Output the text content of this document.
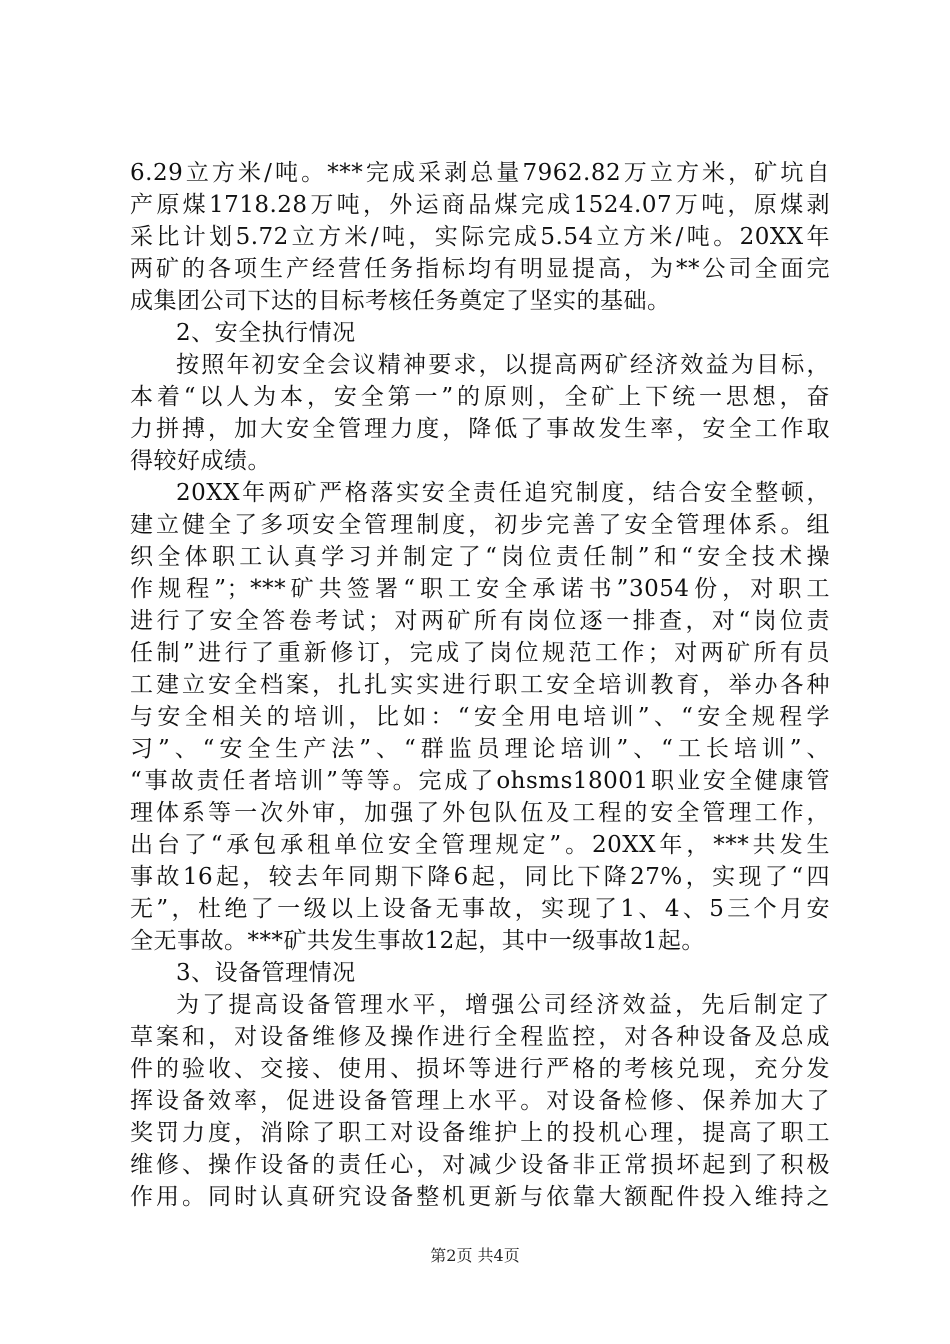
6.29立方米/吨。***完成采剥总量7962.82万立方米，矿坑自
产原煤1718.28万吨，外运商品煤完成1524.07万吨，原煤剥
采比计划5.72立方米/吨，实际完成5.54立方米/吨。20XX年
两矿的各项生产经营任务指标均有明显提高，为**公司全面完
成集团公司下达的目标考核任务奠定了坚实的基础。
2、安全执行情况
按照年初安全会议精神要求，以提高两矿经济效益为目标，
本着“以人为本，安全第一”的原则，全矿上下统一思想，奋
力拼搏，加大安全管理力度，降低了事故发生率，安全工作取
得较好成绩。
20XX年两矿严格落实安全责任追究制度，结合安全整顿，
建立健全了多项安全管理制度，初步完善了安全管理体系。组
织全体职工认真学习并制定了“岗位责任制”和“安全技术操
作规程”；***矿共签署“职工安全承诺书”3054份，对职工
进行了安全答卷考试；对两矿所有岗位逐一排查，对“岗位责
任制”进行了重新修订，完成了岗位规范工作；对两矿所有员
工建立安全档案，扎扎实实进行职工安全培训教育，举办各种
与安全相关的培训，比如：“安全用电培训”、“安全规程学
习”、“安全生产法”、“群监员理论培训”、“工长培训”、
“事故责任者培训”等等。完成了ohsms18001职业安全健康管
理体系等一次外审，加强了外包队伍及工程的安全管理工作，
出台了“承包承租单位安全管理规定”。20XX年，***共发生
事故16起，较去年同期下降6起，同比下降27%，实现了“四
无”，杜绝了一级以上设备无事故，实现了1、4、5三个月安
全无事故。***矿共发生事故12起，其中一级事故1起。
3、设备管理情况
为了提高设备管理水平，增强公司经济效益，先后制定了
草案和，对设备维修及操作进行全程监控，对各种设备及总成
件的验收、交接、使用、损坏等进行严格的考核兑现，充分发
挥设备效率，促进设备管理上水平。对设备检修、保养加大了
奖罚力度，消除了职工对设备维护上的投机心理，提高了职工
维修、操作设备的责任心，对减少设备非正常损坏起到了积极
作用。同时认真研究设备整机更新与依靠大额配件投入维持之
第2页 共4页
